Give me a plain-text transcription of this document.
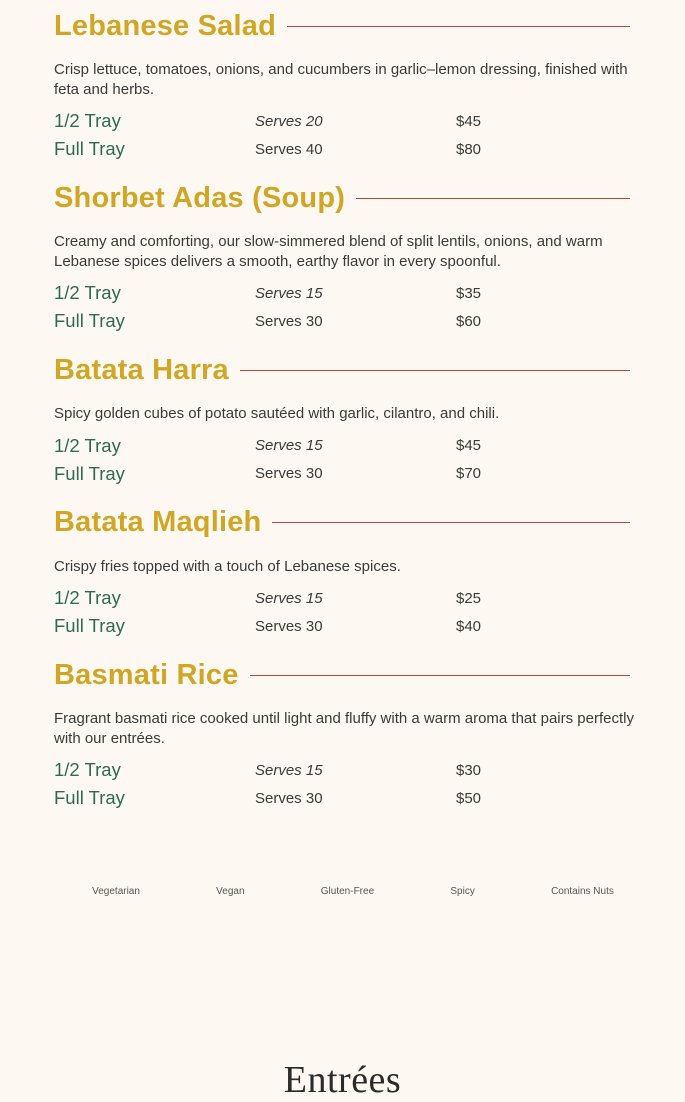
Lebanese Salad

Crisp lettuce, tomatoes, onions, and cucumbers in garlic–lemon dressing, finished with feta and herbs.

1/2 Tray	Serves 20	$45
Full Tray	Serves 40	$80
Shorbet Adas (Soup)

Creamy and comforting, our slow-simmered blend of split lentils, onions, and warm Lebanese spices delivers a smooth, earthy flavor in every spoonful.

1/2 Tray	Serves 15	$35
Full Tray	Serves 30	$60
Batata Harra

Spicy golden cubes of potato sautéed with garlic, cilantro, and chili.

1/2 Tray	Serves 15	$45
Full Tray	Serves 30	$70
Batata Maqlieh

Crispy fries topped with a touch of Lebanese spices.

1/2 Tray	Serves 15	$25
Full Tray	Serves 30	$40
Basmati Rice

Fragrant basmati rice cooked until light and fluffy with a warm aroma that pairs perfectly with our entrées.

1/2 Tray	Serves 15	$30
Full Tray	Serves 30	$50
Vegetarian	Vegan	Gluten-Free	Spicy	Contains Nuts
Entrées
